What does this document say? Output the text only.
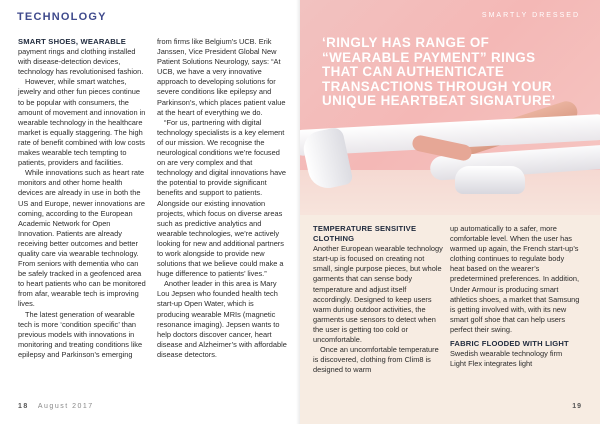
TECHNOLOGY
SMART SHOES, WEARABLE

payment rings and clothing installed with disease-detection devices, technology has revolutionised fashion.

However, while smart watches, jewelry and other fun pieces continue to be popular with consumers, the amount of movement and innovation in wearable technology in the healthcare market is equally staggering. The high rate of benefit combined with low costs makes wearable tech tempting to patients, providers and facilities.

While innovations such as heart rate monitors and other home health devices are already in use in both the US and Europe, newer innovations are coming, according to the European Academic Network for Open Innovation. Patients are already receiving better outcomes and better quality care via wearable technology. From seniors with dementia who can be safely tracked in a geofenced area to heart patients who can be monitored from afar, wearable tech is improving lives.

The latest generation of wearable tech is more ‘condition specific’ than previous models with innovations in monitoring and treating conditions like epilepsy and Parkinson’s emerging

from firms like Belgium’s UCB. Erik Janssen, Vice President Global New Patient Solutions Neurology, says: “At UCB, we have a very innovative approach to developing solutions for severe conditions like epilepsy and Parkinson’s, which places patient value at the heart of everything we do.

“For us, partnering with digital technology specialists is a key element of our mission. We recognise the neurological conditions we’re focused on are very complex and that technology and digital innovations have the potential to provide significant benefits and support to patients. Alongside our existing innovation projects, which focus on diverse areas such as predictive analytics and wearable technologies, we’re actively looking for new and additional partners to work alongside to provide new solutions that we believe could make a huge difference to patients’ lives.”

Another leader in this area is Mary Lou Jepsen who founded health tech start-up Open Water, which is producing wearable MRIs (magnetic resonance imaging). Jepsen wants to help doctors discover cancer, heart disease and Alzheimer’s with affordable disease detectors.

18 August 2017
SMARTLY DRESSED
‘RINGLY HAS RANGE OF “WEARABLE PAYMENT” RINGS THAT CAN AUTHENTICATE TRANSACTIONS THROUGH YOUR UNIQUE HEARTBEAT SIGNATURE’
TEMPERATURE SENSITIVE CLOTHING

Another European wearable technology start-up is focused on creating not small, single purpose pieces, but whole garments that can sense body temperature and adjust itself accordingly. Designed to keep users warm during outdoor activities, the garments use sensors to detect when the user is getting too cold or uncomfortable.

Once an uncomfortable temperature is discovered, clothing from Clim8 is designed to warm

up automatically to a safer, more comfortable level. When the user has warmed up again, the French start-up’s clothing continues to regulate body heat based on the wearer’s predetermined preferences. In addition, Under Armour is producing smart athletics shoes, a market that Samsung is getting involved with, with its new smart golf shoe that can help users perfect their swing.

FABRIC FLOODED WITH LIGHT

Swedish wearable technology firm Light Flex integrates light

19
